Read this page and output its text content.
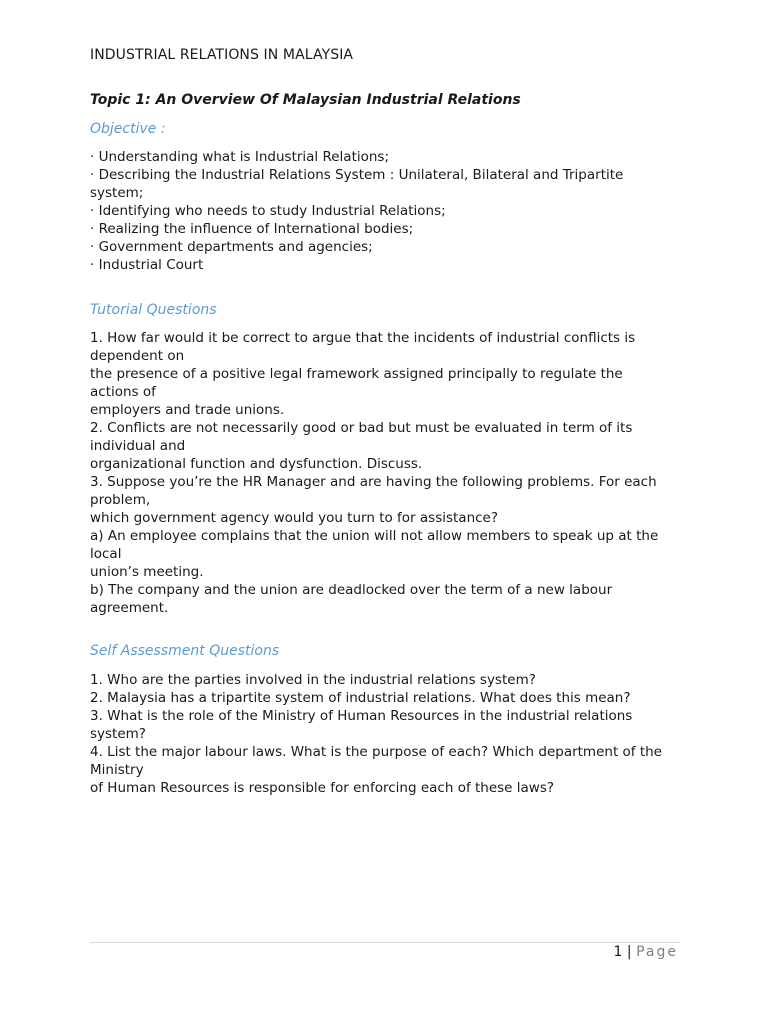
INDUSTRIAL RELATIONS IN MALAYSIA
Topic 1: An Overview Of Malaysian Industrial Relations
Objective :
· Understanding what is Industrial Relations;
· Describing the Industrial Relations System : Unilateral, Bilateral and Tripartite
system;
· Identifying who needs to study Industrial Relations;
· Realizing the influence of International bodies;
· Government departments and agencies;
· Industrial Court
Tutorial Questions
1. How far would it be correct to argue that the incidents of industrial conflicts is
dependent on
the presence of a positive legal framework assigned principally to regulate the
actions of
employers and trade unions.
2. Conflicts are not necessarily good or bad but must be evaluated in term of its
individual and
organizational function and dysfunction. Discuss.
3. Suppose you’re the HR Manager and are having the following problems. For each
problem,
which government agency would you turn to for assistance?
a) An employee complains that the union will not allow members to speak up at the
local
union’s meeting.
b) The company and the union are deadlocked over the term of a new labour
agreement.
Self Assessment Questions
1. Who are the parties involved in the industrial relations system?
2. Malaysia has a tripartite system of industrial relations. What does this mean?
3. What is the role of the Ministry of Human Resources in the industrial relations
system?
4. List the major labour laws. What is the purpose of each? Which department of the
Ministry
of Human Resources is responsible for enforcing each of these laws?
1 | Page
